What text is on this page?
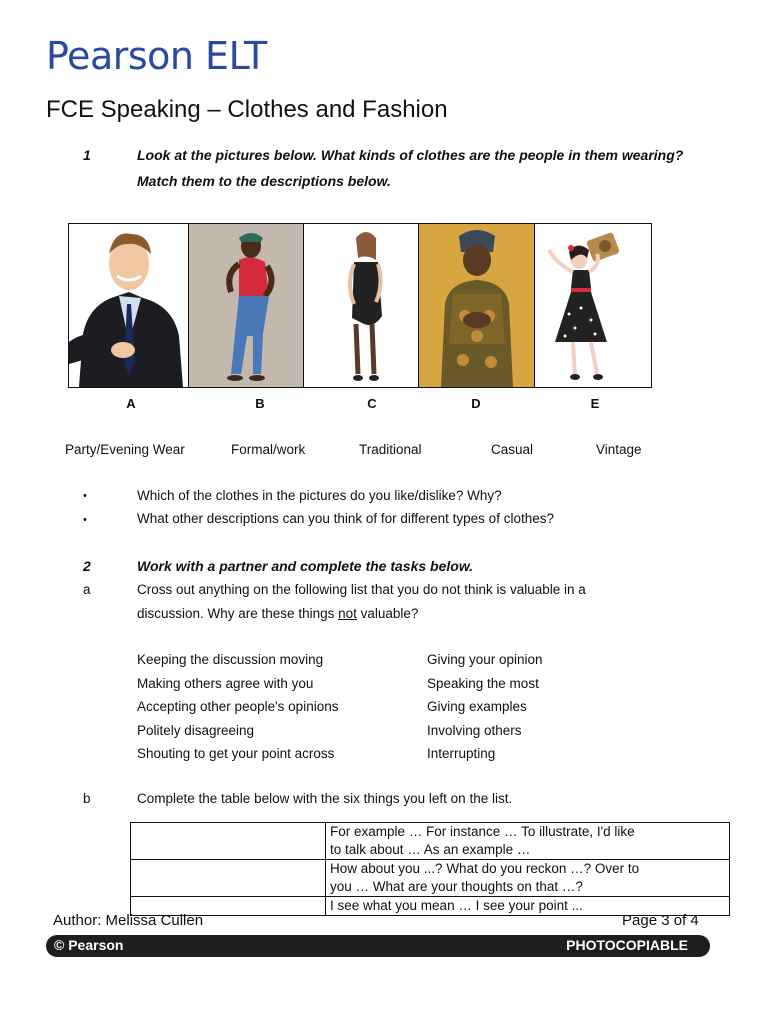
Pearson ELT
FCE Speaking – Clothes and Fashion
1	Look at the pictures below. What kinds of clothes are the people in them wearing? Match them to the descriptions below.
A	B	C	D	E
Party/Evening Wear	Formal/work	Traditional	Casual	Vintage
•	Which of the clothes in the pictures do you like/dislike? Why?
•	What other descriptions can you think of for different types of clothes?
2	Work with a partner and complete the tasks below.
a	Cross out anything on the following list that you do not think is valuable in a discussion. Why are these things not valuable?
Keeping the discussion moving
Making others agree with you
Accepting other people's opinions
Politely disagreeing
Shouting to get your point across
Giving your opinion
Speaking the most
Giving examples
Involving others
Interrupting
b	Complete the table below with the six things you left on the list.

	For example … For instance … To illustrate, I'd like
to talk about … As an example …

	How about you ...? What do you reckon …? Over to
you … What are your thoughts on that …?

	I see what you mean … I see your point ...
Author: Melissa Cullen	Page 3 of 4
© Pearson	PHOTOCOPIABLE
